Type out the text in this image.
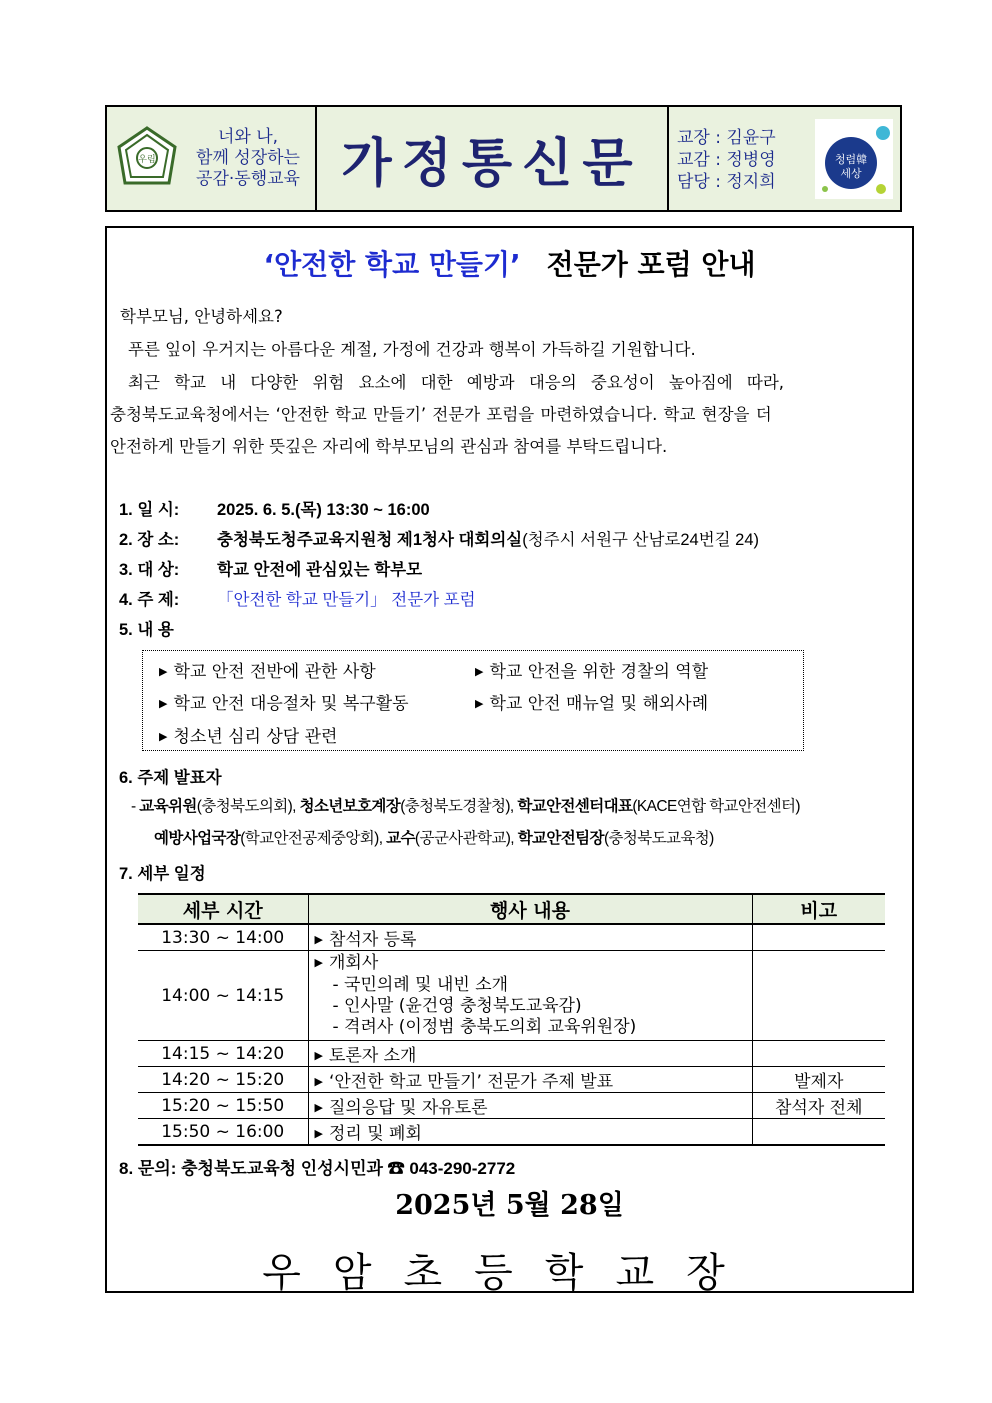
우림
너와 나,
함께 성장하는
공감·동행교육 가정통신문 교장 : 김윤구
교감 : 정병영
담당 : 정지희
청렴韓
세상
‘안전한 학교 만들기’ 전문가 포럼 안내
학부모님, 안녕하세요?
푸른 잎이 우거지는 아름다운 계절, 가정에 건강과 행복이 가득하길 기원합니다.
최근 학교 내 다양한 위험 요소에 대한 예방과 대응의 중요성이 높아짐에 따라,
충청북도교육청에서는 ‘안전한 학교 만들기’ 전문가 포럼을 마련하였습니다. 학교 현장을 더
안전하게 만들기 위한 뜻깊은 자리에 학부모님의 관심과 참여를 부탁드립니다.
1. 일 시: 2025. 6. 5.(목) 13:30 ~ 16:00
2. 장 소: 충청북도청주교육지원청 제1청사 대회의실(청주시 서원구 산남로24번길 24)
3. 대 상: 학교 안전에 관심있는 학부모
4. 주 제: 「안전한 학교 만들기」 전문가 포럼
5. 내 용
▶ 학교 안전 전반에 관한 사항	▶ 학교 안전을 위한 경찰의 역할
▶ 학교 안전 대응절차 및 복구활동	▶ 학교 안전 매뉴얼 및 해외사례
▶ 청소년 심리 상담 관련
6. 주제 발표자
- 교육위원(충청북도의회), 청소년보호계장(충청북도경찰청), 학교안전센터대표(KACE연합 학교안전센터)
예방사업국장(학교안전공제중앙회), 교수(공군사관학교), 학교안전팀장(충청북도교육청)
7. 세부 일정
세부 시간	행사 내용	비고
13:30 ~ 14:00	▶ 참석자 등록	
14:00 ~ 14:15	▶ 개회사
- 국민의례 및 내빈 소개
- 인사말 (윤건영 충청북도교육감)
- 격려사 (이정범 충북도의회 교육위원장)	

14:15 ~ 14:20	▶ 토론자 소개	
14:20 ~ 15:20	▶ ‘안전한 학교 만들기’ 전문가 주제 발표	발제자
15:20 ~ 15:50	▶ 질의응답 및 자유토론	참석자 전체
15:50 ~ 16:00	▶ 정리 및 폐회	
8. 문의: 충청북도교육청 인성시민과 ☎ 043-290-2772
2025년 5월 28일
우암초등학교장
